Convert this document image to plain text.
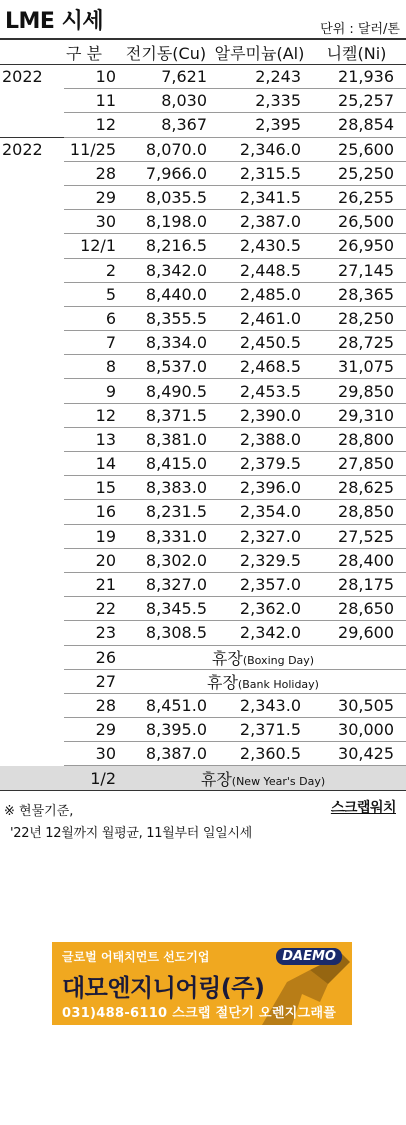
LME 시세	단위 : 달러/톤
	구 분	전기동(Cu)	알루미늄(Al)	니켈(Ni)
2022	10	7,621	2,243	21,936
	11	8,030	2,335	25,257
	12	8,367	2,395	28,854
2022	11/25	8,070.0	2,346.0	25,600
	28	7,966.0	2,315.5	25,250
	29	8,035.5	2,341.5	26,255
	30	8,198.0	2,387.0	26,500
	12/1	8,216.5	2,430.5	26,950
	2	8,342.0	2,448.5	27,145
	5	8,440.0	2,485.0	28,365
	6	8,355.5	2,461.0	28,250
	7	8,334.0	2,450.5	28,725
	8	8,537.0	2,468.5	31,075
	9	8,490.5	2,453.5	29,850
	12	8,371.5	2,390.0	29,310
	13	8,381.0	2,388.0	28,800
	14	8,415.0	2,379.5	27,850
	15	8,383.0	2,396.0	28,625
	16	8,231.5	2,354.0	28,850
	19	8,331.0	2,327.0	27,525
	20	8,302.0	2,329.5	28,400
	21	8,327.0	2,357.0	28,175
	22	8,345.5	2,362.0	28,650
	23	8,308.5	2,342.0	29,600
	26	휴장(Boxing Day)		
	27	휴장(Bank Holiday)		
	28	8,451.0	2,343.0	30,505
	29	8,395.0	2,371.5	30,000
	30	8,387.0	2,360.5	30,425
	1/2	휴장(New Year's Day)		
※ 현물기준,
'22년 12월까지 월평균, 11월부터 일일시세
스크랩워치
DAEMO
글로벌 어태치먼트 선도기업
대모엔지니어링(주)
031)488-6110 스크랩 절단기 오렌지그래플
